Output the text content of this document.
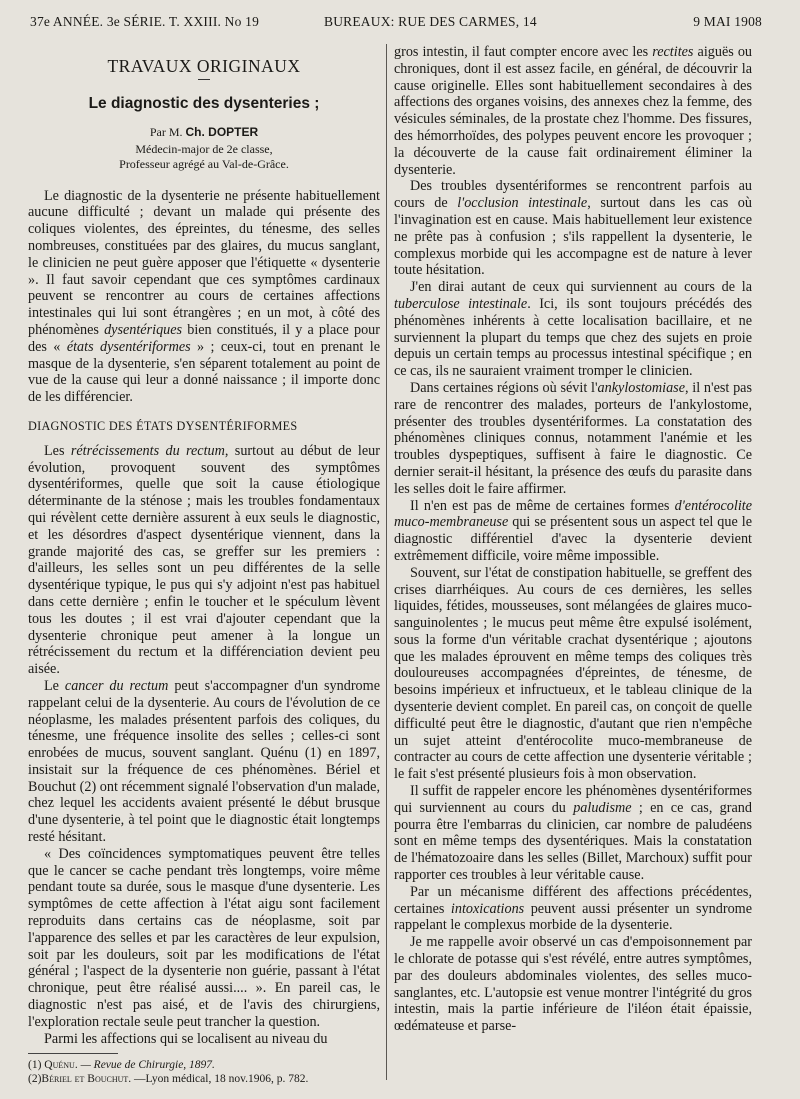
37e ANNÉE. 3e SÉRIE. T. XXIII. No 19	BUREAUX: RUE DES CARMES, 14	9 MAI 1908
TRAVAUX ORIGINAUX
Le diagnostic des dysenteries ;
Par M. Ch. DOPTER
Médecin-major de 2e classe,
Professeur agrégé au Val-de-Grâce.

Le diagnostic de la dysenterie ne présente habituellement aucune difficulté ; devant un malade qui présente des coliques violentes, des épreintes, du ténesme, des selles nombreuses, constituées par des glaires, du mucus sanglant, le clinicien ne peut guère apposer que l'étiquette « dysenterie ». Il faut savoir cependant que ces symptômes cardinaux peuvent se rencontrer au cours de certaines affections intestinales qui lui sont étrangères ; en un mot, à côté des phénomènes dysentériques bien constitués, il y a place pour des « états dysentériformes » ; ceux-ci, tout en prenant le masque de la dysenterie, s'en séparent totalement au point de vue de la cause qui leur a donné naissance ; il importe donc de les différencier.

DIAGNOSTIC DES ÉTATS DYSENTÉRIFORMES

Les rétrécissements du rectum, surtout au début de leur évolution, provoquent souvent des symptômes dysentériformes, quelle que soit la cause étiologique déterminante de la sténose ; mais les troubles fondamentaux qui révèlent cette dernière assurent à eux seuls le diagnostic, et les désordres d'aspect dysentérique viennent, dans la grande majorité des cas, se greffer sur les premiers : d'ailleurs, les selles sont un peu différentes de la selle dysentérique typique, le pus qui s'y adjoint n'est pas habituel dans cette dernière ; enfin le toucher et le spéculum lèvent tous les doutes ; il est vrai d'ajouter cependant que la dysenterie chronique peut amener à la longue un rétrécissement du rectum et la différenciation devient peu aisée.

Le cancer du rectum peut s'accompagner d'un syndrome rappelant celui de la dysenterie. Au cours de l'évolution de ce néoplasme, les malades présentent parfois des coliques, du ténesme, une fréquence insolite des selles ; celles-ci sont enrobées de mucus, souvent sanglant. Quénu (1) en 1897, insistait sur la fréquence de ces phénomènes. Bériel et Bouchut (2) ont récemment signalé l'observation d'un malade, chez lequel les accidents avaient présenté le début brusque d'une dysenterie, à tel point que le diagnostic était longtemps resté hésitant.

« Des coïncidences symptomatiques peuvent être telles que le cancer se cache pendant très longtemps, voire même pendant toute sa durée, sous le masque d'une dysenterie. Les symptômes de cette affection à l'état aigu sont facilement reproduits dans certains cas de néoplasme, soit par l'apparence des selles et par les caractères de leur expulsion, soit par les douleurs, soit par les modifications de l'état général ; l'aspect de la dysenterie non guérie, passant à l'état chronique, peut être réalisé aussi.... ». En pareil cas, le diagnostic n'est pas aisé, et de l'avis des chirurgiens, l'exploration rectale seule peut trancher la question.

Parmi les affections qui se localisent au niveau du

(1) Quénu. — Revue de Chirurgie, 1897.
(2)Bériel et Bouchut. —Lyon médical, 18 nov.1906, p. 782.

gros intestin, il faut compter encore avec les rectites aiguës ou chroniques, dont il est assez facile, en général, de découvrir la cause originelle. Elles sont habituellement secondaires à des affections des organes voisins, des annexes chez la femme, des vésicules séminales, de la prostate chez l'homme. Des fissures, des hémorrhoïdes, des polypes peuvent encore les provoquer ; la découverte de la cause fait ordinairement éliminer la dysenterie.

Des troubles dysentériformes se rencontrent parfois au cours de l'occlusion intestinale, surtout dans les cas où l'invagination est en cause. Mais habituellement leur existence ne prête pas à confusion ; s'ils rappellent la dysenterie, le complexus morbide qui les accompagne est de nature à lever toute hésitation.

J'en dirai autant de ceux qui surviennent au cours de la tuberculose intestinale. Ici, ils sont toujours précédés des phénomènes inhérents à cette localisation bacillaire, et ne surviennent la plupart du temps que chez des sujets en proie depuis un certain temps au processus intestinal spécifique ; en ce cas, ils ne sauraient vraiment tromper le clinicien.

Dans certaines régions où sévit l'ankylostomiase, il n'est pas rare de rencontrer des malades, porteurs de l'ankylostome, présenter des troubles dysentériformes. La constatation des phénomènes cliniques connus, notamment l'anémie et les troubles dyspeptiques, suffisent à faire le diagnostic. Ce dernier serait-il hésitant, la présence des œufs du parasite dans les selles doit le faire affirmer.

Il n'en est pas de même de certaines formes d'entérocolite muco-membraneuse qui se présentent sous un aspect tel que le diagnostic différentiel d'avec la dysenterie devient extrêmement difficile, voire même impossible.

Souvent, sur l'état de constipation habituelle, se greffent des crises diarrhéiques. Au cours de ces dernières, les selles liquides, fétides, mousseuses, sont mélangées de glaires muco-sanguinolentes ; le mucus peut même être expulsé isolément, sous la forme d'un véritable crachat dysentérique ; ajoutons que les malades éprouvent en même temps des coliques très douloureuses accompagnées d'épreintes, de ténesme, de besoins impérieux et infructueux, et le tableau clinique de la dysenterie devient complet. En pareil cas, on conçoit de quelle difficulté peut être le diagnostic, d'autant que rien n'empêche un sujet atteint d'entérocolite muco-membraneuse de contracter au cours de cette affection une dysenterie véritable ; le fait s'est présenté plusieurs fois à mon observation.

Il suffit de rappeler encore les phénomènes dysentériformes qui surviennent au cours du paludisme ; en ce cas, grand pourra être l'embarras du clinicien, car nombre de paludéens sont en même temps des dysentériques. Mais la constatation de l'hématozoaire dans les selles (Billet, Marchoux) suffit pour rapporter ces troubles à leur véritable cause.

Par un mécanisme différent des affections précédentes, certaines intoxications peuvent aussi présenter un syndrome rappelant le complexus morbide de la dysenterie.

Je me rappelle avoir observé un cas d'empoisonnement par le chlorate de potasse qui s'est révélé, entre autres symptômes, par des douleurs abdominales violentes, des selles muco-sanglantes, etc. L'autopsie est venue montrer l'intégrité du gros intestin, mais la partie inférieure de l'iléon était épaissie, œdémateuse et parse-
